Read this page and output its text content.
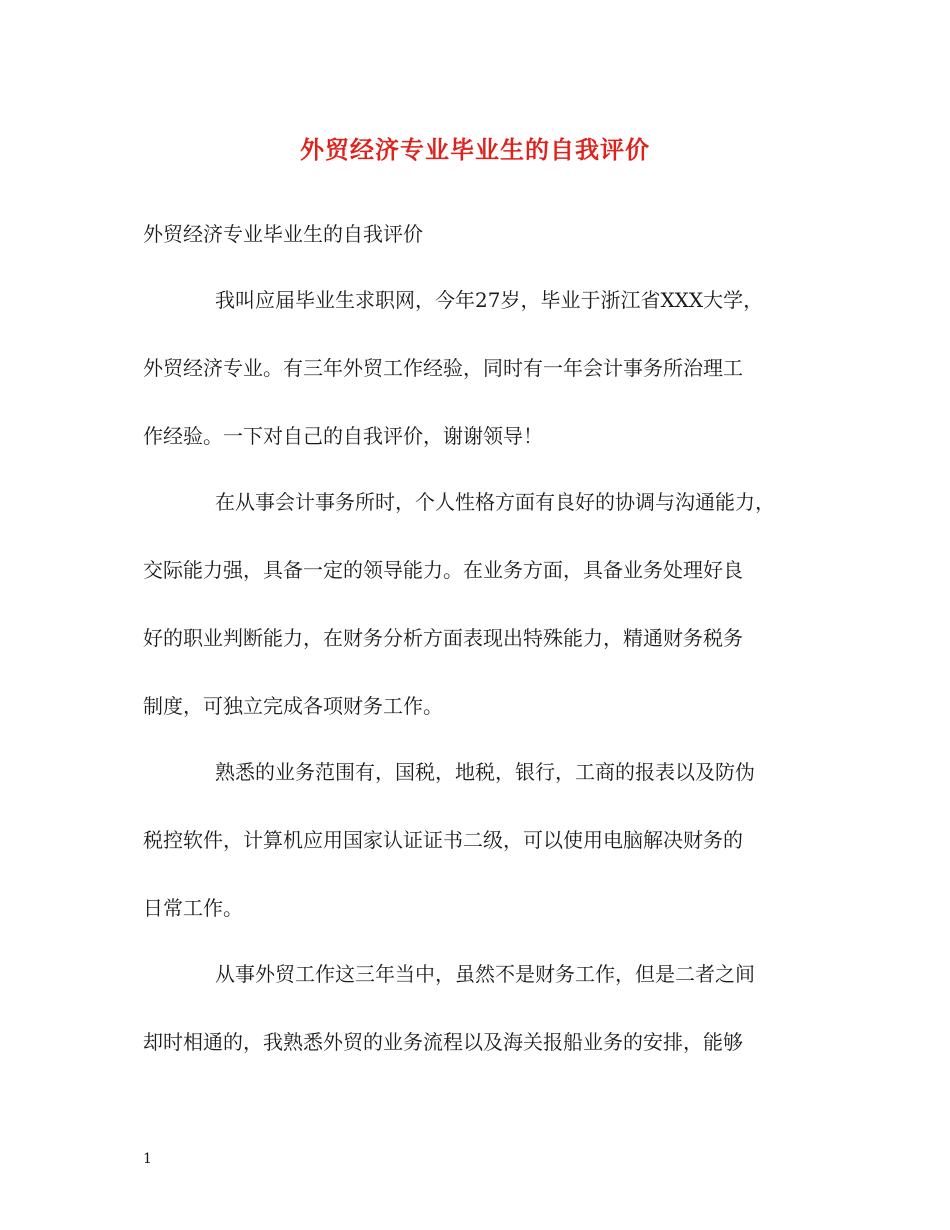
外贸经济专业毕业生的自我评价
外贸经济专业毕业生的自我评价
我叫应届毕业生求职网，今年27岁，毕业于浙江省XXX大学，
外贸经济专业。有三年外贸工作经验，同时有一年会计事务所治理工
作经验。一下对自己的自我评价，谢谢领导！
在从事会计事务所时，个人性格方面有良好的协调与沟通能力，
交际能力强，具备一定的领导能力。在业务方面，具备业务处理好良
好的职业判断能力，在财务分析方面表现出特殊能力，精通财务税务
制度，可独立完成各项财务工作。
熟悉的业务范围有，国税，地税，银行，工商的报表以及防伪
税控软件，计算机应用国家认证证书二级，可以使用电脑解决财务的
日常工作。
从事外贸工作这三年当中，虽然不是财务工作，但是二者之间
却时相通的，我熟悉外贸的业务流程以及海关报船业务的安排，能够
1
